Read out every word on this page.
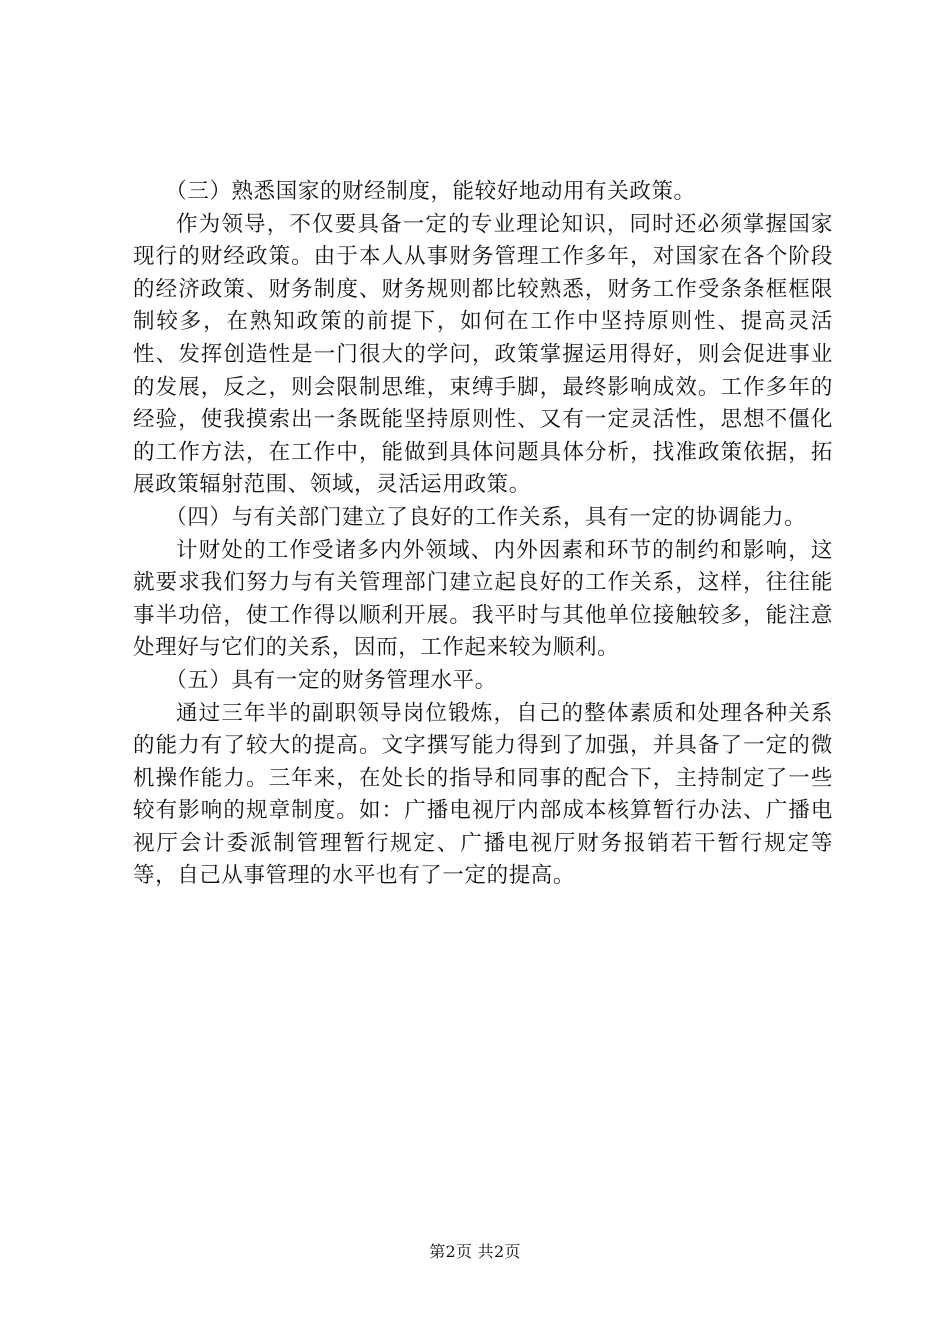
（三）熟悉国家的财经制度，能较好地动用有关政策。

作为领导，不仅要具备一定的专业理论知识，同时还必须掌握国家现行的财经政策。由于本人从事财务管理工作多年，对国家在各个阶段的经济政策、财务制度、财务规则都比较熟悉，财务工作受条条框框限制较多，在熟知政策的前提下，如何在工作中坚持原则性、提高灵活性、发挥创造性是一门很大的学问，政策掌握运用得好，则会促进事业的发展，反之，则会限制思维，束缚手脚，最终影响成效。工作多年的经验，使我摸索出一条既能坚持原则性、又有一定灵活性，思想不僵化的工作方法，在工作中，能做到具体问题具体分析，找准政策依据，拓展政策辐射范围、领域，灵活运用政策。

（四）与有关部门建立了良好的工作关系，具有一定的协调能力。

计财处的工作受诸多内外领域、内外因素和环节的制约和影响，这就要求我们努力与有关管理部门建立起良好的工作关系，这样，往往能事半功倍，使工作得以顺利开展。我平时与其他单位接触较多，能注意处理好与它们的关系，因而，工作起来较为顺利。

（五）具有一定的财务管理水平。

通过三年半的副职领导岗位锻炼，自己的整体素质和处理各种关系的能力有了较大的提高。文字撰写能力得到了加强，并具备了一定的微机操作能力。三年来，在处长的指导和同事的配合下，主持制定了一些较有影响的规章制度。如：广播电视厅内部成本核算暂行办法、广播电视厅会计委派制管理暂行规定、广播电视厅财务报销若干暂行规定等等，自己从事管理的水平也有了一定的提高。

第2页 共2页
